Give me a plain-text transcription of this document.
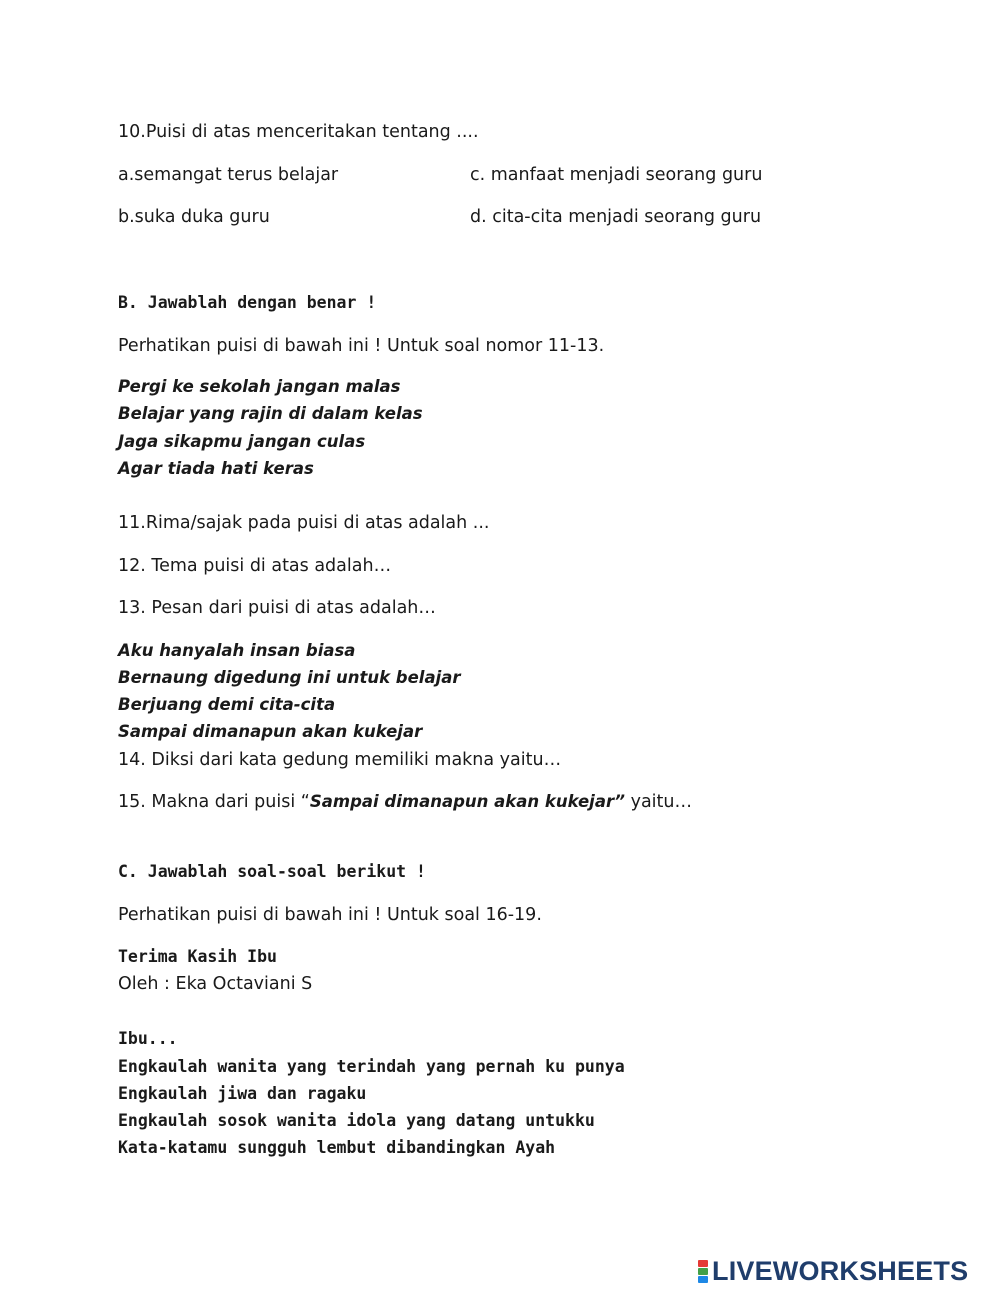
10.Puisi di atas menceritakan tentang ....
a.semangat terus belajar	c. manfaat menjadi seorang guru
b.suka duka guru	d. cita-cita menjadi seorang guru
B. Jawablah dengan benar !
Perhatikan puisi di bawah ini ! Untuk soal nomor 11-13.
Pergi ke sekolah jangan malas
Belajar yang rajin di dalam kelas
Jaga sikapmu jangan culas
Agar tiada hati keras
11.Rima/sajak pada puisi di atas adalah ...
12. Tema puisi di atas adalah…
13. Pesan dari puisi di atas adalah…
Aku hanyalah insan biasa
Bernaung digedung ini untuk belajar
Berjuang demi cita-cita
Sampai dimanapun akan kukejar
14. Diksi dari kata gedung memiliki makna yaitu…
15. Makna dari puisi “Sampai dimanapun akan kukejar” yaitu…
C. Jawablah soal-soal berikut !
Perhatikan puisi di bawah ini ! Untuk soal 16-19.
Terima Kasih Ibu
Oleh : Eka Octaviani S
Ibu...
Engkaulah wanita yang terindah yang pernah ku punya
Engkaulah jiwa dan ragaku
Engkaulah sosok wanita idola yang datang untukku
Kata-katamu sungguh lembut dibandingkan Ayah
LIVEWORKSHEETS
